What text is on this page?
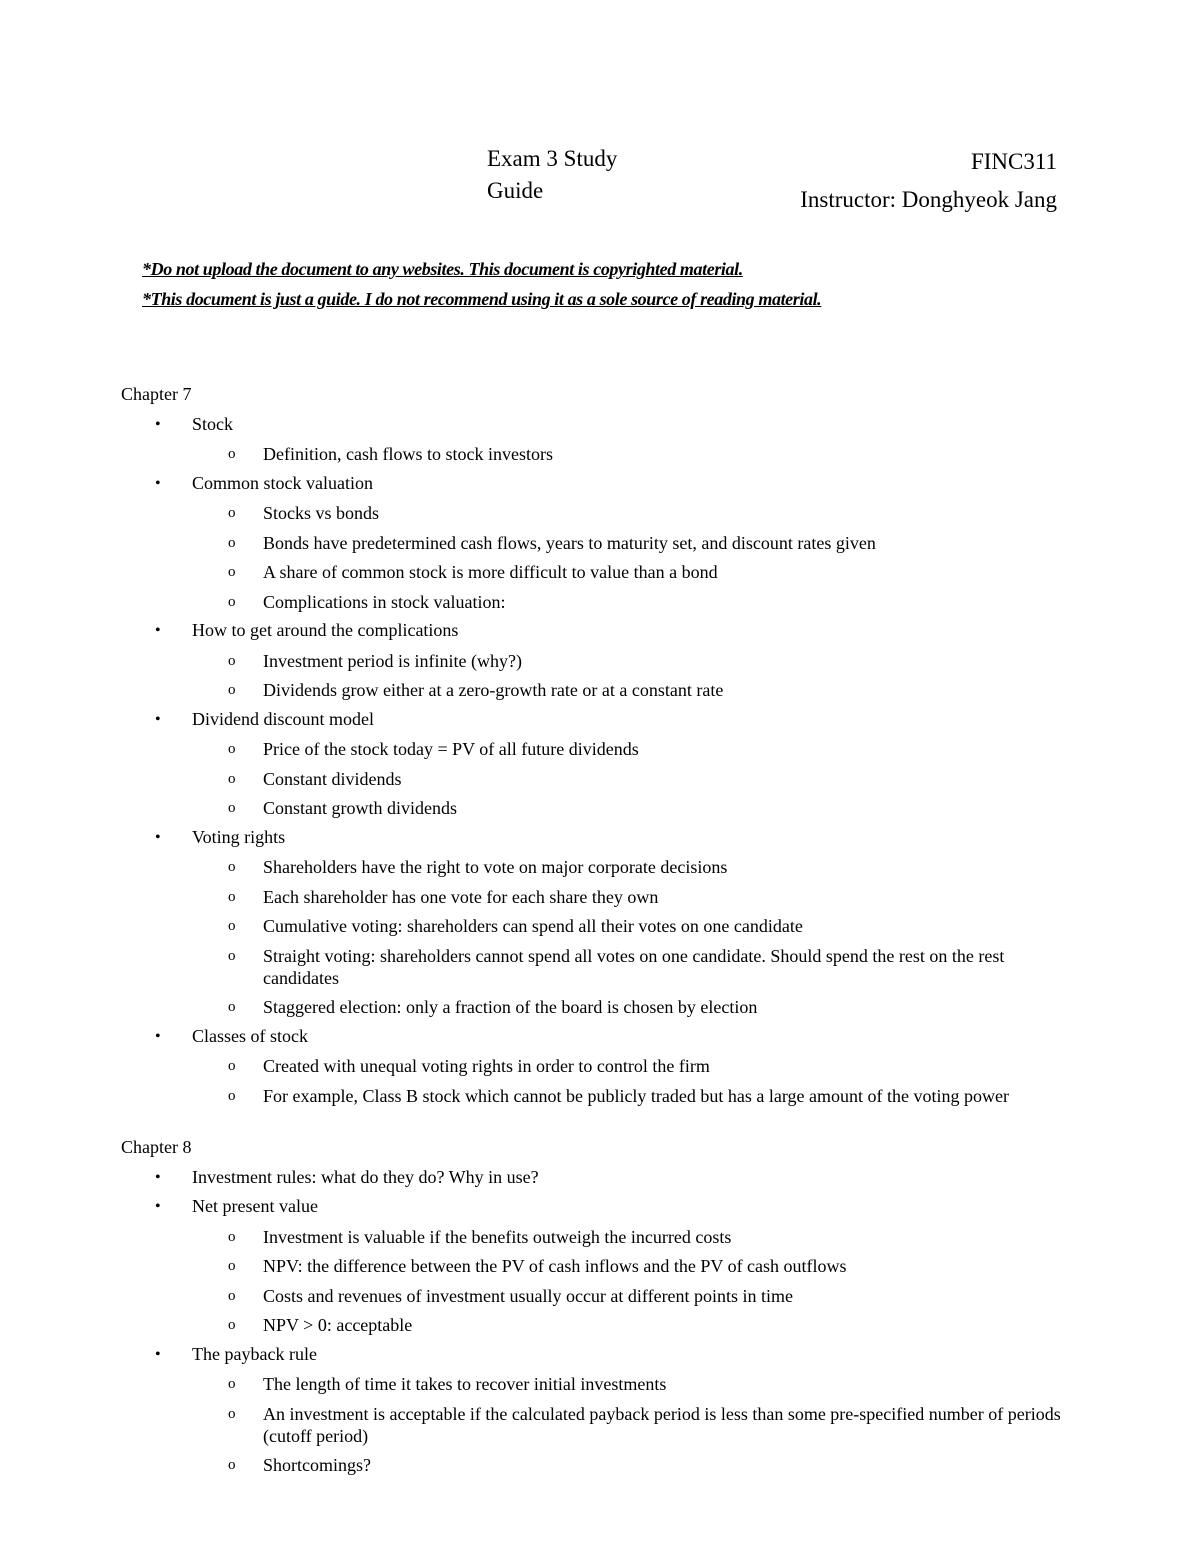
Exam 3 Study
Guide
FINC311
Instructor: Donghyeok Jang
*Do not upload the document to any websites. This document is copyrighted material.
*This document is just a guide. I do not recommend using it as a sole source of reading material.
Chapter 7
• Stock
o Definition, cash flows to stock investors
• Common stock valuation
o Stocks vs bonds
o Bonds have predetermined cash flows, years to maturity set, and discount rates given
o A share of common stock is more difficult to value than a bond
o Complications in stock valuation:
• How to get around the complications
o Investment period is infinite (why?)
o Dividends grow either at a zero-growth rate or at a constant rate
• Dividend discount model
o Price of the stock today = PV of all future dividends
o Constant dividends
o Constant growth dividends
• Voting rights
o Shareholders have the right to vote on major corporate decisions
o Each shareholder has one vote for each share they own
o Cumulative voting: shareholders can spend all their votes on one candidate
o Straight voting: shareholders cannot spend all votes on one candidate. Should spend the rest on the rest candidates
o Staggered election: only a fraction of the board is chosen by election
• Classes of stock
o Created with unequal voting rights in order to control the firm
o For example, Class B stock which cannot be publicly traded but has a large amount of the voting power
Chapter 8
• Investment rules: what do they do? Why in use?
• Net present value
o Investment is valuable if the benefits outweigh the incurred costs
o NPV: the difference between the PV of cash inflows and the PV of cash outflows
o Costs and revenues of investment usually occur at different points in time
o NPV > 0: acceptable
• The payback rule
o The length of time it takes to recover initial investments
o An investment is acceptable if the calculated payback period is less than some pre-specified number of periods (cutoff period)
o Shortcomings?
